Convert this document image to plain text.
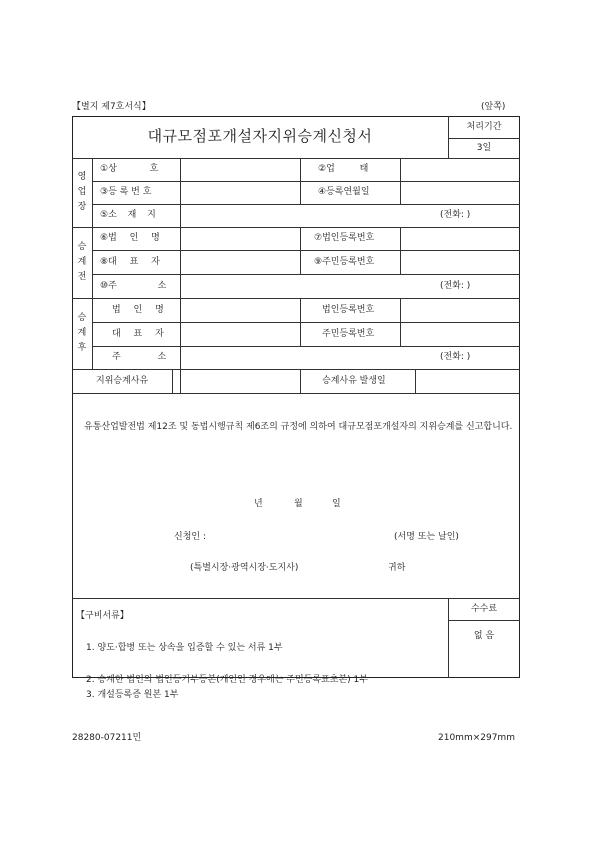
【별지 제7호서식】	(앞쪽)
대규모점포개설자지위승계신청서	처리기간
3일
영
업
장
승
계
전
승
계
후
①상 호	②업 태
③등 록 번 호	④등록연월일
⑤소 재 지	(전화: )
⑥법 인 명	⑦법인등록번호
⑧대 표 자	⑨주민등록번호
⑩주 소	(전화: )
법 인 명	법인등록번호
대 표 자	주민등록번호
주 소	(전화: )
지위승계사유	승계사유 발생일
유통산업발전법 제12조 및 동법시행규칙 제6조의 규정에 의하여 대규모점포개설자의 지위승계를 신고합니다.
년	월	일
신청인 :	(서명 또는 날인)
(특별시장·광역시장·도지사)	귀하
수수료
없 음
【구비서류】
1. 양도·합병 또는 상속을 입증할 수 있는 서류 1부
2. 승계한 법인의 법인등기부등본(개인인 경우에는 주민등록표초본) 1부
3. 개설등록증 원본 1부
28280-07211민	210mm×297mm
